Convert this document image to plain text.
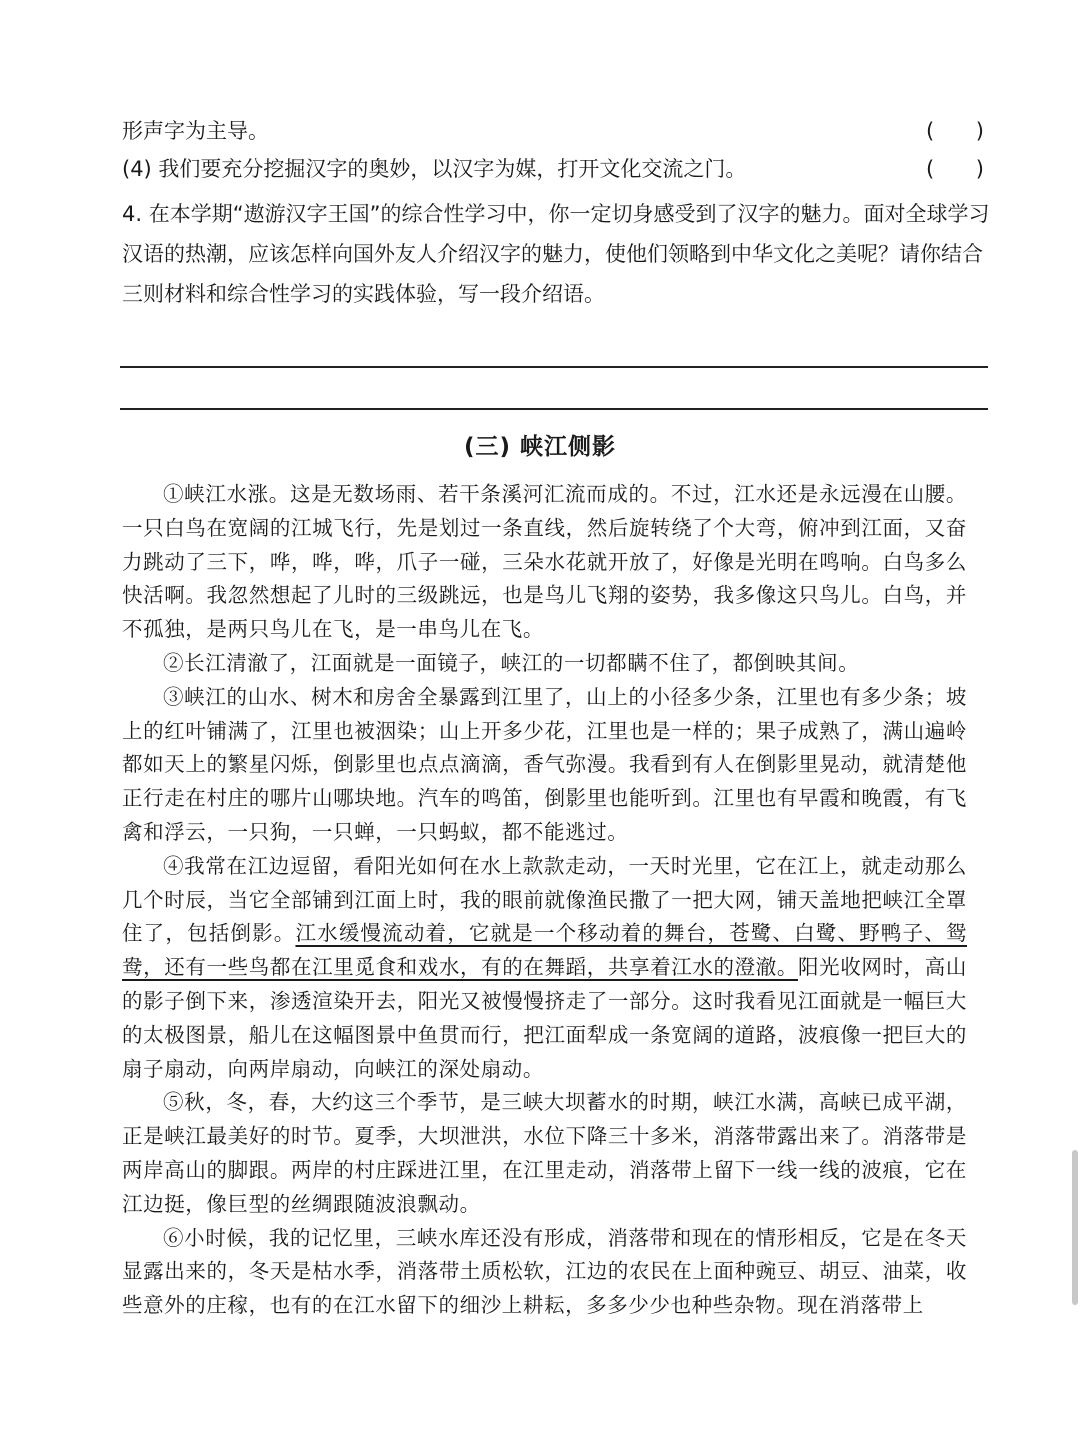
形声字为主导。	( )
(4) 我们要充分挖掘汉字的奥妙，以汉字为媒，打开文化交流之门。	( )
4. 在本学期“遨游汉字王国”的综合性学习中，你一定切身感受到了汉字的魅力。面对全球学习汉语的热潮，应该怎样向国外友人介绍汉字的魅力，使他们领略到中华文化之美呢？请你结合三则材料和综合性学习的实践体验，写一段介绍语。
(三) 峡江侧影

①峡江水涨。这是无数场雨、若干条溪河汇流而成的。不过，江水还是永远漫在山腰。一只白鸟在宽阔的江城飞行，先是划过一条直线，然后旋转绕了个大弯，俯冲到江面，又奋力跳动了三下，哗，哗，哗，爪子一碰，三朵水花就开放了，好像是光明在鸣响。白鸟多么快活啊。我忽然想起了儿时的三级跳远，也是鸟儿飞翔的姿势，我多像这只鸟儿。白鸟，并不孤独，是两只鸟儿在飞，是一串鸟儿在飞。

②长江清澈了，江面就是一面镜子，峡江的一切都瞒不住了，都倒映其间。

③峡江的山水、树木和房舍全暴露到江里了，山上的小径多少条，江里也有多少条；坡上的红叶铺满了，江里也被洇染；山上开多少花，江里也是一样的；果子成熟了，满山遍岭都如天上的繁星闪烁，倒影里也点点滴滴，香气弥漫。我看到有人在倒影里晃动，就清楚他正行走在村庄的哪片山哪块地。汽车的鸣笛，倒影里也能听到。江里也有早霞和晚霞，有飞禽和浮云，一只狗，一只蝉，一只蚂蚁，都不能逃过。

④我常在江边逗留，看阳光如何在水上款款走动，一天时光里，它在江上，就走动那么几个时辰，当它全部铺到江面上时，我的眼前就像渔民撒了一把大网，铺天盖地把峡江全罩住了，包括倒影。江水缓慢流动着，它就是一个移动着的舞台，苍鹭、白鹭、野鸭子、鸳鸯，还有一些鸟都在江里觅食和戏水，有的在舞蹈，共享着江水的澄澈。阳光收网时，高山的影子倒下来，渗透渲染开去，阳光又被慢慢挤走了一部分。这时我看见江面就是一幅巨大的太极图景，船儿在这幅图景中鱼贯而行，把江面犁成一条宽阔的道路，波痕像一把巨大的扇子扇动，向两岸扇动，向峡江的深处扇动。

⑤秋，冬，春，大约这三个季节，是三峡大坝蓄水的时期，峡江水满，高峡已成平湖，正是峡江最美好的时节。夏季，大坝泄洪，水位下降三十多米，消落带露出来了。消落带是两岸高山的脚跟。两岸的村庄踩进江里，在江里走动，消落带上留下一线一线的波痕，它在江边挺，像巨型的丝绸跟随波浪飘动。

⑥小时候，我的记忆里，三峡水库还没有形成，消落带和现在的情形相反，它是在冬天显露出来的，冬天是枯水季，消落带土质松软，江边的农民在上面种豌豆、胡豆、油菜，收些意外的庄稼，也有的在江水留下的细沙上耕耘，多多少少也种些杂物。现在消落带上
